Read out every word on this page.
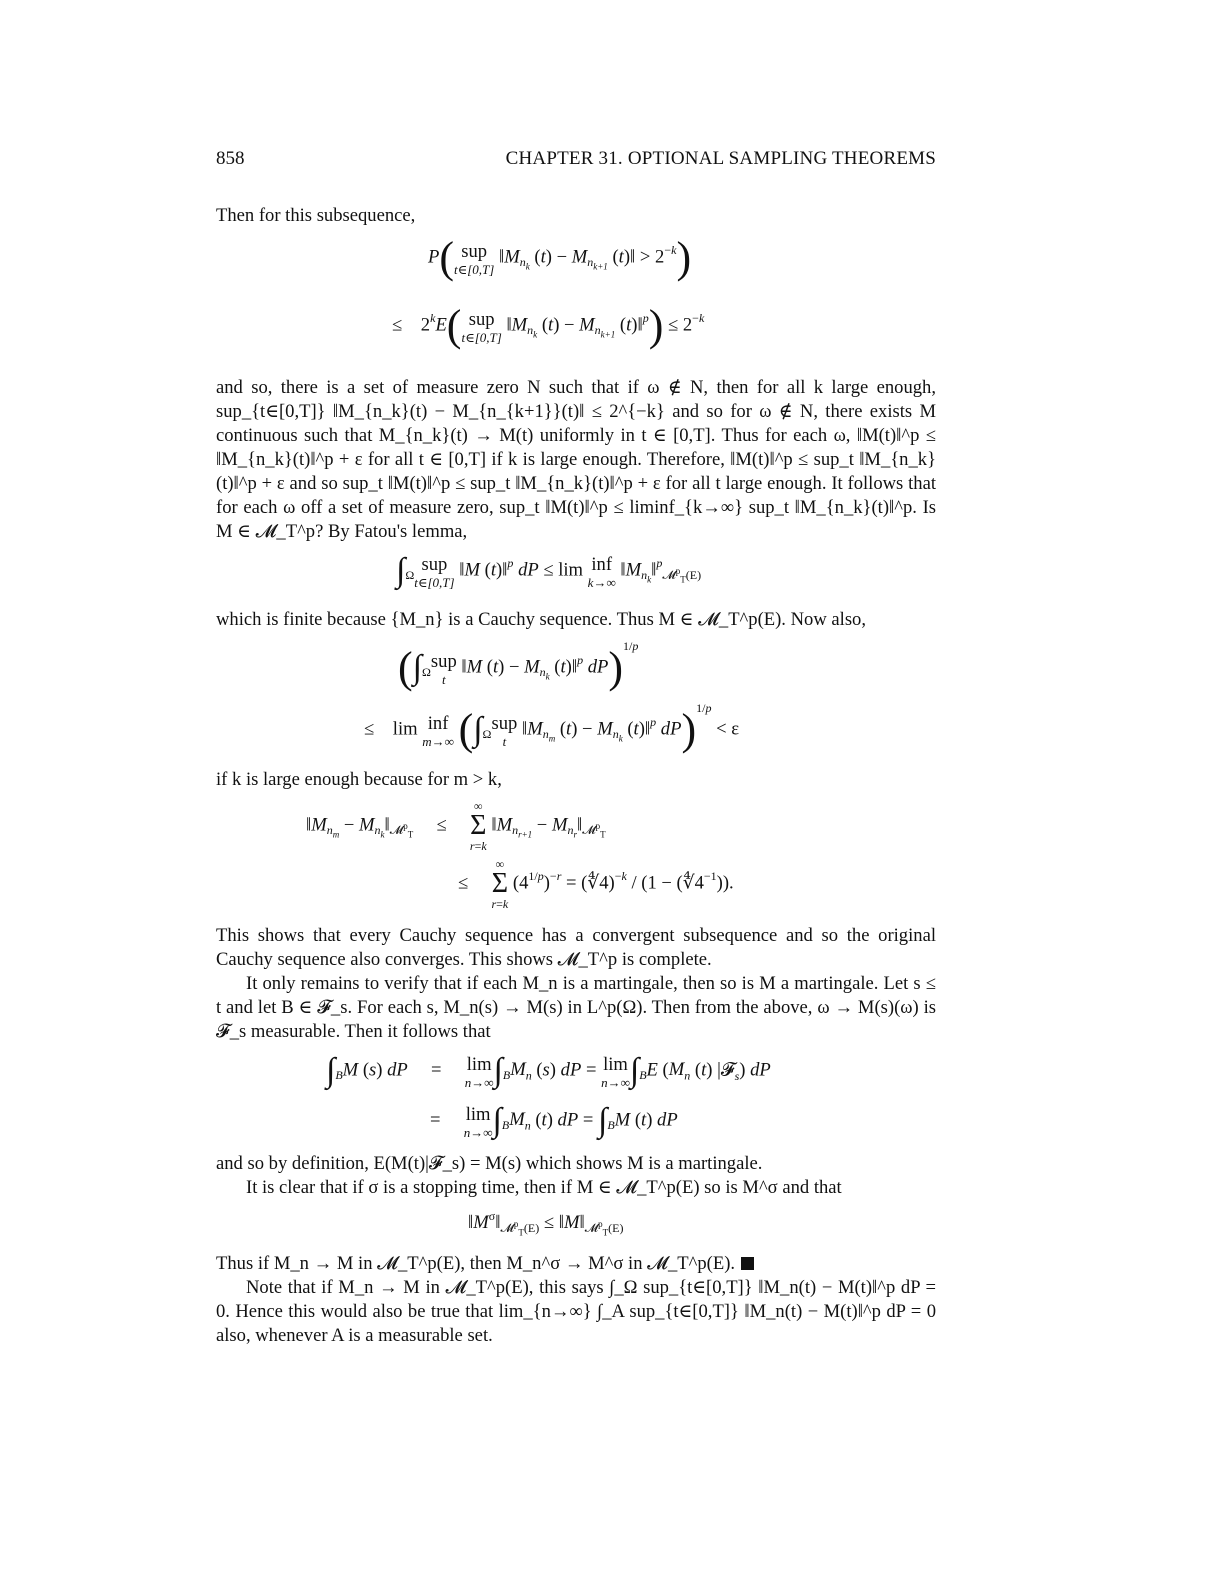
858	CHAPTER 31. OPTIONAL SAMPLING THEOREMS
Then for this subsequence,
P( sup
t∈[0,T]
$‖M_{n_k}$ $(t) - M_{n_{k+1}}$ (t)‖ > $2^{-k}$)
≤    2$^k$E( sup
t∈[0,T]
$‖M_{n_k}$ $(t) - M_{n_{k+1}}$ (t)‖$^p$) ≤ $2^{-k}$
and so, there is a set of measure zero N such that if ω ∉ N, then for all k large enough, sup_{t∈[0,T]} ‖M_{n_k}(t) − M_{n_{k+1}}(t)‖ ≤ 2^{−k} and so for ω ∉ N, there exists M continuous such that M_{n_k}(t) → M(t) uniformly in t ∈ [0,T]. Thus for each ω, ‖M(t)‖^p ≤ ‖M_{n_k}(t)‖^p + ε for all t ∈ [0,T] if k is large enough. Therefore, ‖M(t)‖^p ≤ sup_t ‖M_{n_k}(t)‖^p + ε and so sup_t ‖M(t)‖^p ≤ sup_t ‖M_{n_k}(t)‖^p + ε for all t large enough. It follows that for each ω off a set of measure zero, sup_t ‖M(t)‖^p ≤ liminf_{k→∞} sup_t ‖M_{n_k}(t)‖^p. Is M ∈ 𝓜_T^p? By Fatou's lemma,
$\int_\Omega sup$
t∈[0,T]
‖M (t)‖$^p$ dP ≤ lim inf
k→∞
$‖M_{n_k}‖^p_{𝓜^p_T(E)}$
which is finite because {M_n} is a Cauchy sequence. Thus M ∈ 𝓜_T^p(E). Now also,
($\int_\Omega sup$
t
‖M $(t) - M_{n_k}$ (t)‖$^p$ dP)$^{1/p}$
≤    lim inf
m→∞ ($\int_\Omega sup$
t
$‖M_{n_m}$ $(t) - M_{n_k}$ (t)‖$^p$ dP)$^{1/p}$ < ε
if k is large enough because for m > k,
$‖M_{n_m}$ − $M_{n_k}‖_{𝓜^p_T}$     ≤
∞
Σ
r=k
$‖M_{n_{r+1}}$ − $M_{n_r}‖_{𝓜^p_T}$
≤
∞
Σ
r=k
$(4^{1/p})^{-r}$ = (∜4)$^{-k}$ / $(1 - (∜4^{-1}))$.
This shows that every Cauchy sequence has a convergent subsequence and so the original Cauchy sequence also converges. This shows 𝓜_T^p is complete.
It only remains to verify that if each M_n is a martingale, then so is M a martingale. Let s ≤ t and let B ∈ 𝓕_s. For each s, M_n(s) → M(s) in L^p(Ω). Then from the above, ω → M(s)(ω) is 𝓕_s measurable. Then it follows that
$\int_BM$ (s) dP     =     lim
n→∞ $\int_BM_n$ (s) dP = lim
n→∞ $\int_BE$ ($M_n$ (t) |𝓕$_s$) dP
=     lim
n→∞ $\int_BM_n$ (t) dP = $\int_BM$ (t) dP
and so by definition, E(M(t)|𝓕_s) = M(s) which shows M is a martingale.
It is clear that if σ is a stopping time, then if M ∈ 𝓜_T^p(E) so is M^σ and that
$‖M^\sigma‖_{𝓜^p_T(E)}$ ≤ $‖M‖_{𝓜^p_T(E)}$
Thus if M_n → M in 𝓜_T^p(E), then M_n^σ → M^σ in 𝓜_T^p(E).
Note that if M_n → M in 𝓜_T^p(E), this says ∫_Ω sup_{t∈[0,T]} ‖M_n(t) − M(t)‖^p dP = 0. Hence this would also be true that lim_{n→∞} ∫_A sup_{t∈[0,T]} ‖M_n(t) − M(t)‖^p dP = 0 also, whenever A is a measurable set.
